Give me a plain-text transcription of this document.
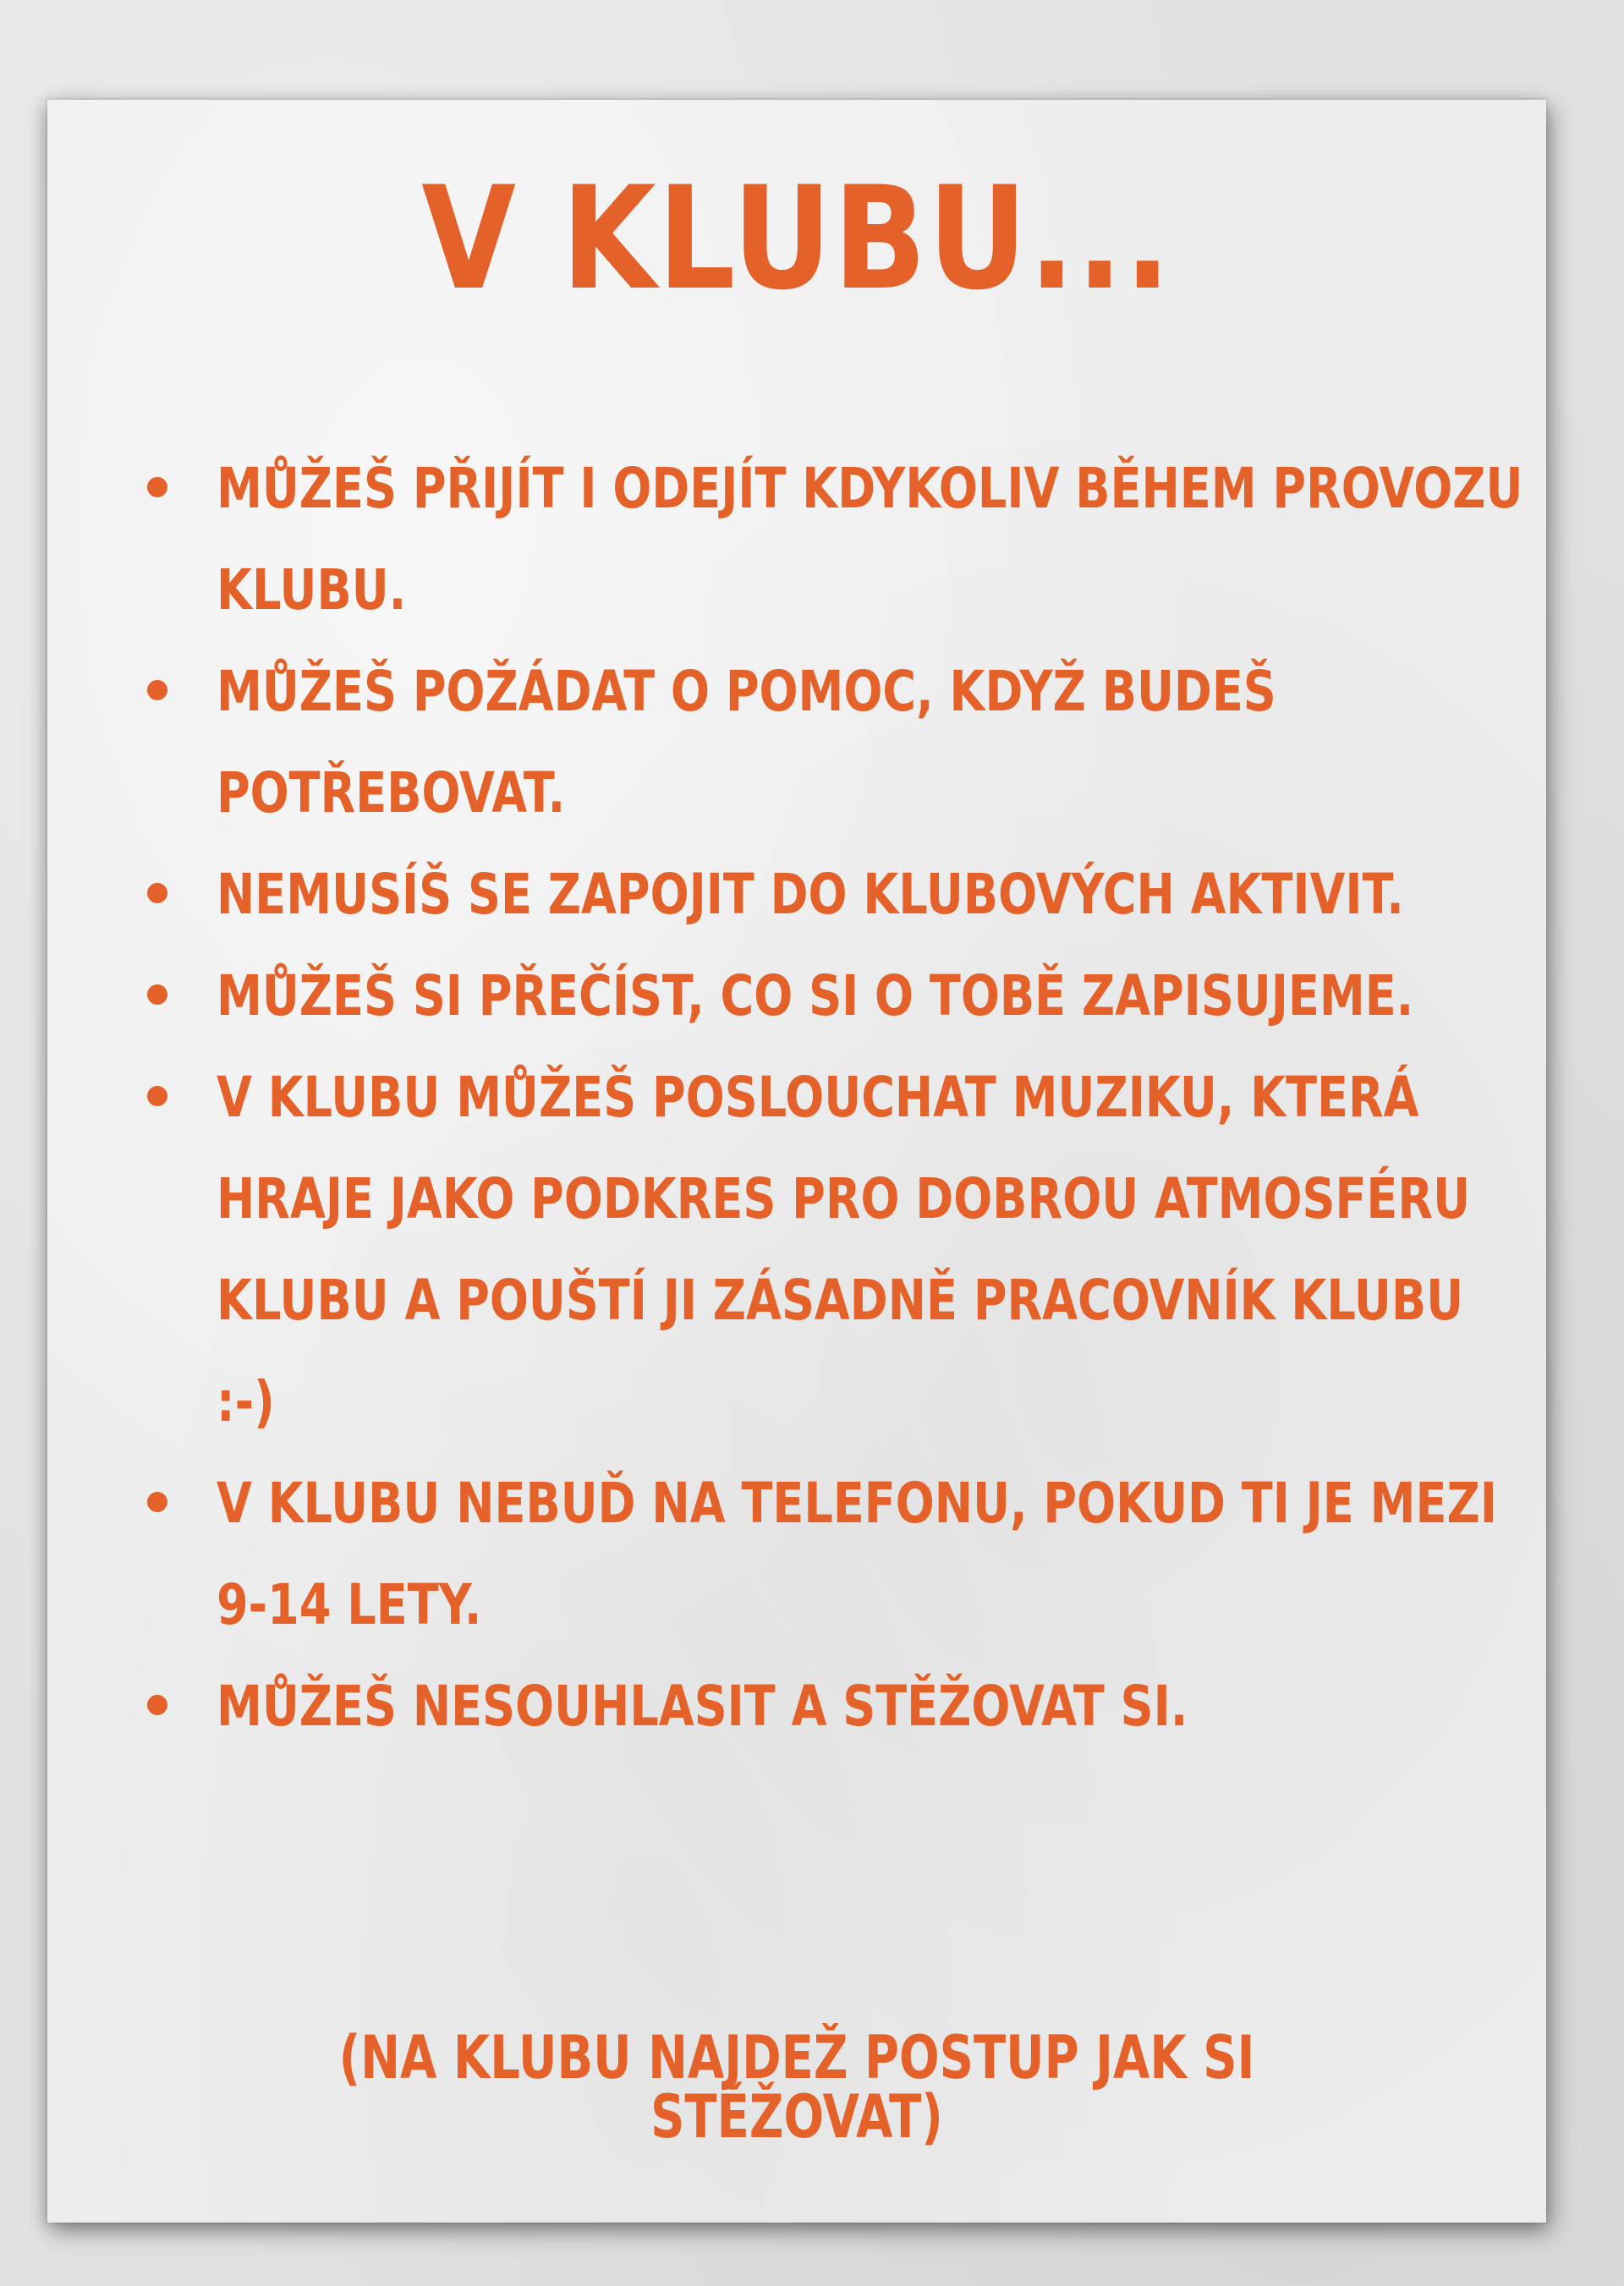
V KLUBU...
MŮŽEŠ PŘIJÍT I ODEJÍT KDYKOLIV BĚHEM PROVOZU KLUBU.
MŮŽEŠ POŽÁDAT O POMOC, KDYŽ BUDEŠ POTŘEBOVAT.
NEMUSÍŠ SE ZAPOJIT DO KLUBOVÝCH AKTIVIT.
MŮŽEŠ SI PŘEČÍST, CO SI O TOBĚ ZAPISUJEME.
V KLUBU MŮŽEŠ POSLOUCHAT MUZIKU, KTERÁ HRAJE JAKO PODKRES PRO DOBROU ATMOSFÉRU KLUBU A POUŠTÍ JI ZÁSADNĚ PRACOVNÍK KLUBU :-)
V KLUBU NEBUĎ NA TELEFONU, POKUD TI JE MEZI 9-14 LETY.
MŮŽEŠ NESOUHLASIT A STĚŽOVAT SI.
(NA KLUBU NAJDEŽ POSTUP JAK SI STĚŽOVAT)
